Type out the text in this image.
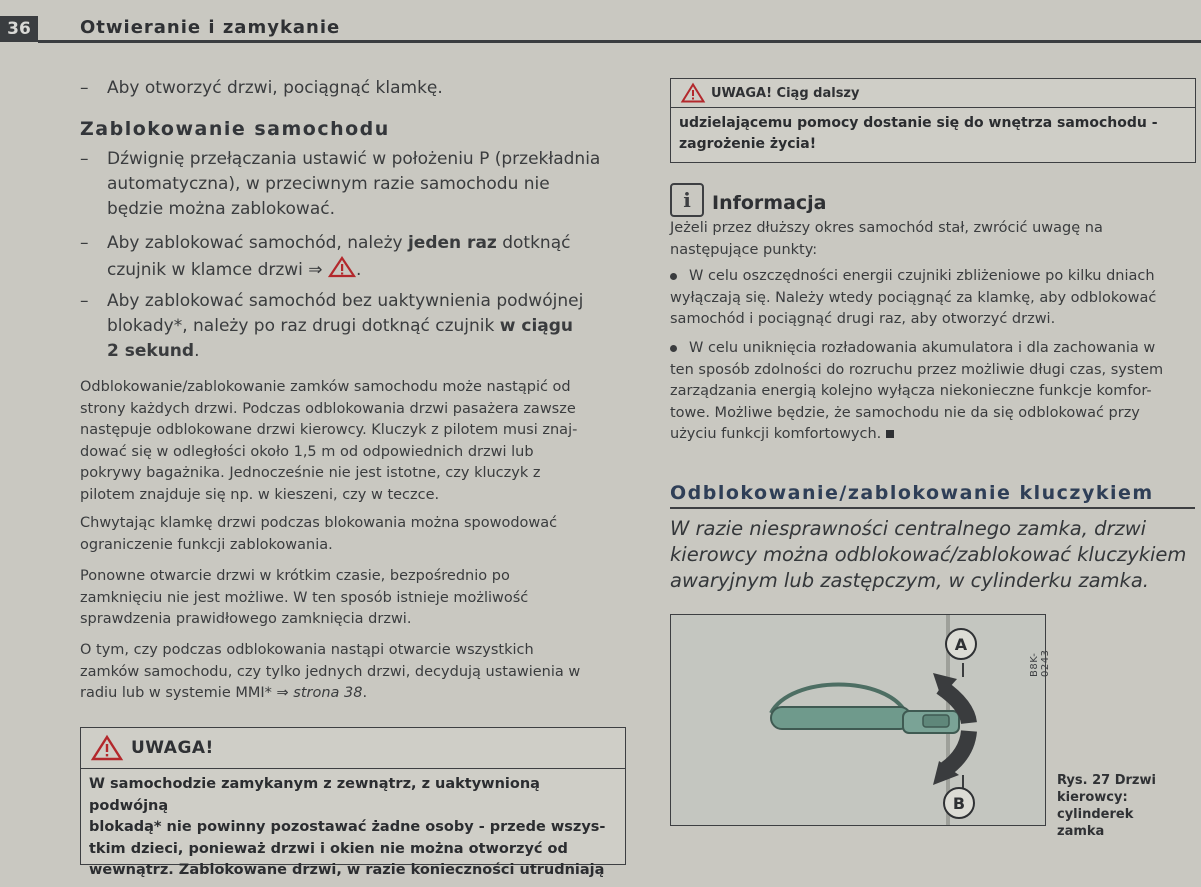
36	Otwieranie i zamykanie
– Aby otworzyć drzwi, pociągnąć klamkę.
Zablokowanie samochodu
– Dźwignię przełączania ustawić w położeniu P (przekładnia
automatyczna), w przeciwnym razie samochodu nie
będzie można zablokować.
– Aby zablokować samochód, należy jeden raz dotknąć
czujnik w klamce drzwi ⇒ .
– Aby zablokować samochód bez uaktywnienia podwójnej
blokady*, należy po raz drugi dotknąć czujnik w ciągu
2 sekund.
Odblokowanie/zablokowanie zamków samochodu może nastąpić od
strony każdych drzwi. Podczas odblokowania drzwi pasażera zawsze
następuje odblokowane drzwi kierowcy. Kluczyk z pilotem musi znaj-
dować się w odległości około 1,5 m od odpowiednich drzwi lub
pokrywy bagażnika. Jednocześnie nie jest istotne, czy kluczyk z
pilotem znajduje się np. w kieszeni, czy w teczce.
Chwytając klamkę drzwi podczas blokowania można spowodować
ograniczenie funkcji zablokowania.
Ponowne otwarcie drzwi w krótkim czasie, bezpośrednio po
zamknięciu nie jest możliwe. W ten sposób istnieje możliwość
sprawdzenia prawidłowego zamknięcia drzwi.
O tym, czy podczas odblokowania nastąpi otwarcie wszystkich
zamków samochodu, czy tylko jednych drzwi, decydują ustawienia w
radiu lub w systemie MMI* ⇒ strona 38.
UWAGA!
W samochodzie zamykanym z zewnątrz, z uaktywnioną podwójną
blokadą* nie powinny pozostawać żadne osoby - przede wszys-
tkim dzieci, ponieważ drzwi i okien nie można otworzyć od
wewnątrz. Zablokowane drzwi, w razie konieczności utrudniają
UWAGA! Ciąg dalszy
udzielającemu pomocy dostanie się do wnętrza samochodu -
zagrożenie życia!
i	Informacja
Jeżeli przez dłuższy okres samochód stał, zwrócić uwagę na
następujące punkty:
W celu oszczędności energii czujniki zbliżeniowe po kilku dniach
wyłączają się. Należy wtedy pociągnąć za klamkę, aby odblokować
samochód i pociągnąć drugi raz, aby otworzyć drzwi.
W celu uniknięcia rozładowania akumulatora i dla zachowania w
ten sposób zdolności do rozruchu przez możliwie długi czas, system
zarządzania energią kolejno wyłącza niekonieczne funkcje komfor-
towe. Możliwe będzie, że samochodu nie da się odblokować przy
użyciu funkcji komfortowych.
Odblokowanie/zablokowanie kluczykiem
W razie niesprawności centralnego zamka, drzwi
kierowcy można odblokować/zablokować kluczykiem
awaryjnym lub zastępczym, w cylinderku zamka.
A
B
B8K-0243
Rys. 27 Drzwi
kierowcy: cylinderek
zamka
